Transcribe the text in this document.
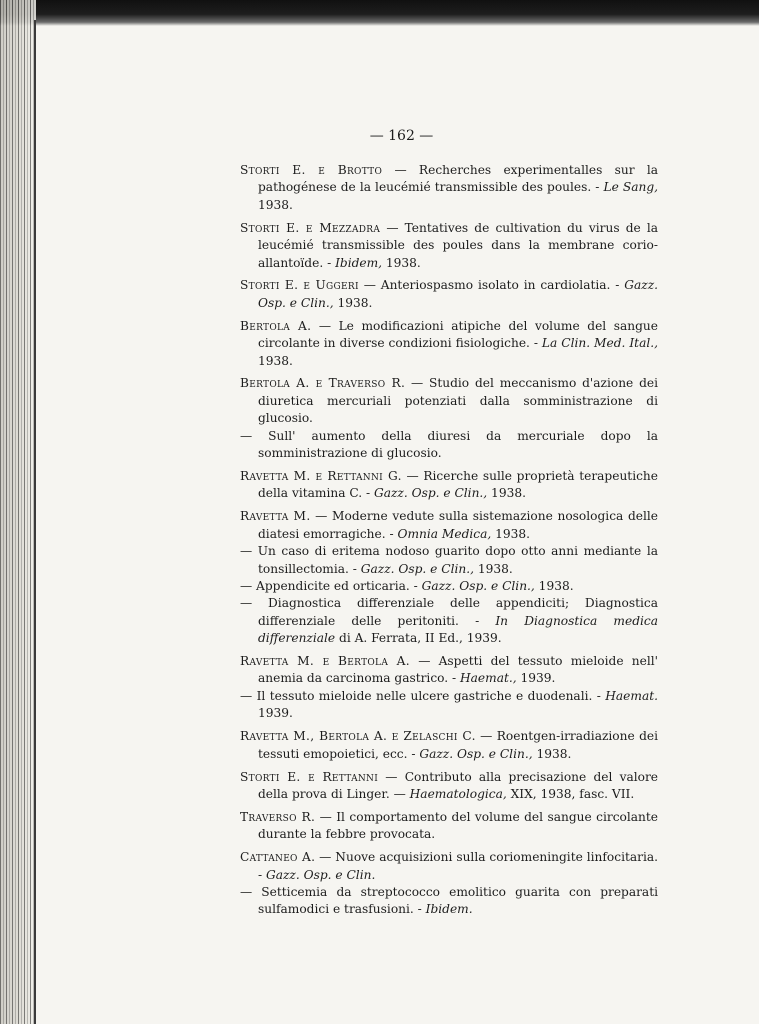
— 162 —

Storti E. e Brotto — Recherches experimentalles sur la pathogénese de la leucémié transmissible des poules. - Le Sang, 1938.

Storti E. e Mezzadra — Tentatives de cultivation du virus de la leucémié transmissible des poules dans la membrane corio-allantoïde. - Ibidem, 1938.

Storti E. e Uggeri — Anteriospasmo isolato in cardiolatia. - Gazz. Osp. e Clin., 1938.

Bertola A. — Le modificazioni atipiche del volume del sangue circolante in diverse condizioni fisiologiche. - La Clin. Med. Ital., 1938.

Bertola A. e Traverso R. — Studio del meccanismo d'azione dei diuretica mercuriali potenziati dalla somministrazione di glucosio.

— Sull' aumento della diuresi da mercuriale dopo la somministrazione di glucosio.

Ravetta M. e Rettanni G. — Ricerche sulle proprietà terapeutiche della vitamina C. - Gazz. Osp. e Clin., 1938.

Ravetta M. — Moderne vedute sulla sistemazione nosologica delle diatesi emorragiche. - Omnia Medica, 1938.

— Un caso di eritema nodoso guarito dopo otto anni mediante la tonsillectomia. - Gazz. Osp. e Clin., 1938.

— Appendicite ed orticaria. - Gazz. Osp. e Clin., 1938.

— Diagnostica differenziale delle appendiciti; Diagnostica differenziale delle peritoniti. - In Diagnostica medica differenziale di A. Ferrata, II Ed., 1939.

Ravetta M. e Bertola A. — Aspetti del tessuto mieloide nell' anemia da carcinoma gastrico. - Haemat., 1939.

— Il tessuto mieloide nelle ulcere gastriche e duodenali. - Haemat. 1939.

Ravetta M., Bertola A. e Zelaschi C. — Roentgen-irradiazione dei tessuti emopoietici, ecc. - Gazz. Osp. e Clin., 1938.

Storti E. e Rettanni — Contributo alla precisazione del valore della prova di Linger. — Haematologica, XIX, 1938, fasc. VII.

Traverso R. — Il comportamento del volume del sangue circolante durante la febbre provocata.

Cattaneo A. — Nuove acquisizioni sulla coriomeningite linfocitaria. - Gazz. Osp. e Clin.

— Setticemia da streptococco emolitico guarita con preparati sulfamodici e trasfusioni. - Ibidem.
